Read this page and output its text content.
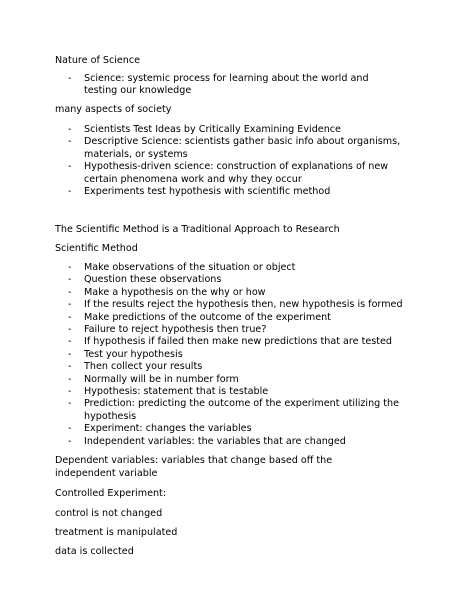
Nature of Science

- Science: systemic process for learning about the world and testing our knowledge

many aspects of society

- Scientists Test Ideas by Critically Examining Evidence
- Descriptive Science: scientists gather basic info about organisms, materials, or systems
- Hypothesis-driven science: construction of explanations of new certain phenomena work and why they occur
- Experiments test hypothesis with scientific method

The Scientific Method is a Traditional Approach to Research

Scientific Method

- Make observations of the situation or object
- Question these observations
- Make a hypothesis on the why or how
- If the results reject the hypothesis then, new hypothesis is formed
- Make predictions of the outcome of the experiment
- Failure to reject hypothesis then true?
- If hypothesis if failed then make new predictions that are tested
- Test your hypothesis
- Then collect your results
- Normally will be in number form
- Hypothesis: statement that is testable
- Prediction: predicting the outcome of the experiment utilizing the hypothesis
- Experiment: changes the variables
- Independent variables: the variables that are changed

Dependent variables: variables that change based off the independent variable

Controlled Experiment:

control is not changed

treatment is manipulated

data is collected
